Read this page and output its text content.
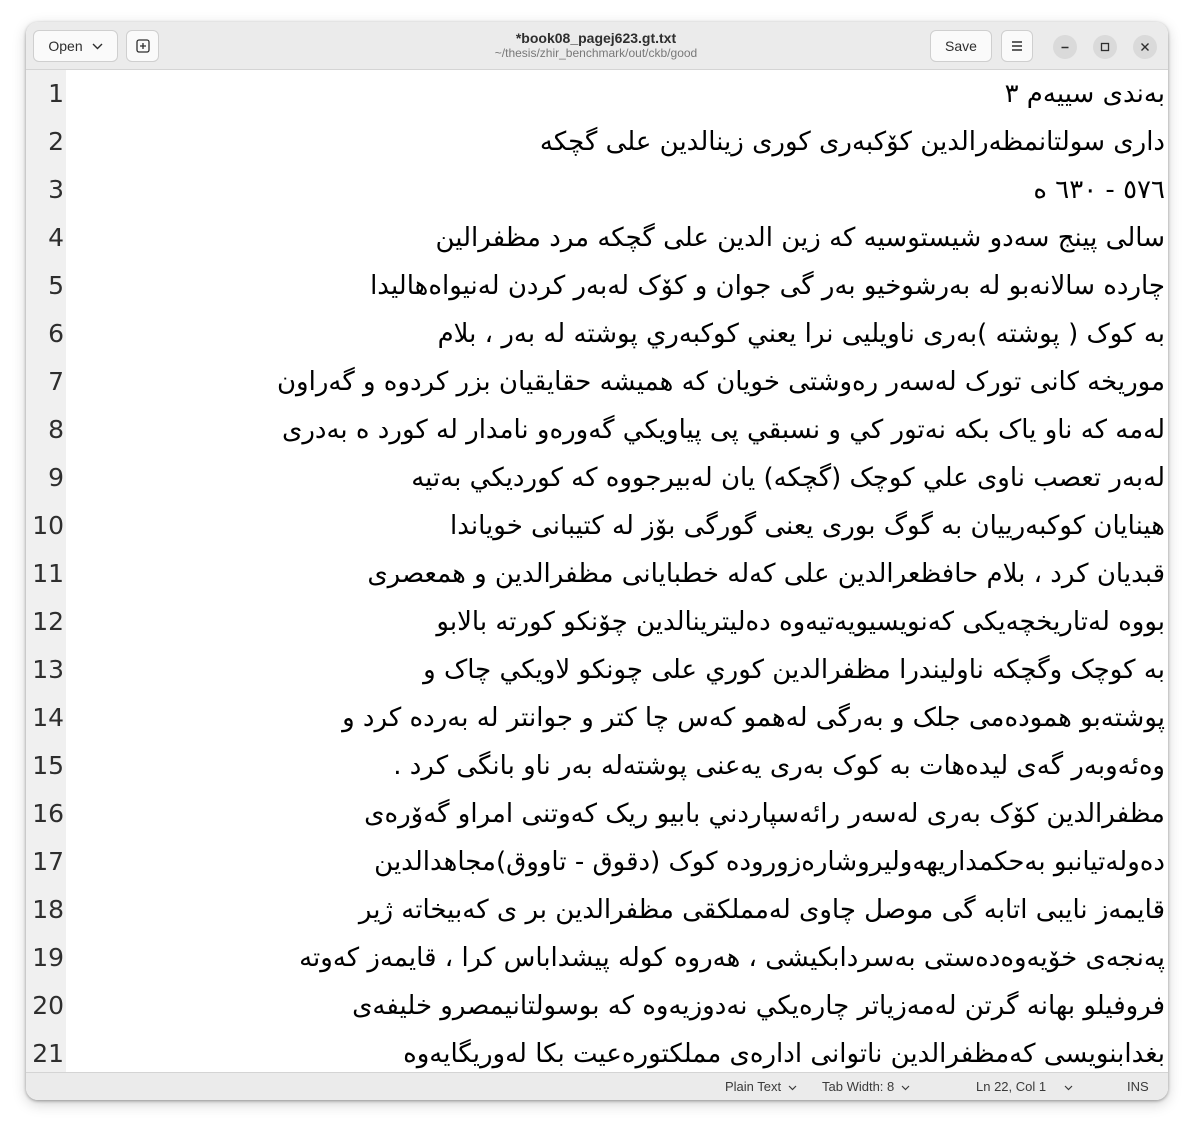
Open	*book08_pagej623.gt.txt
~/thesis/zhir_benchmark/out/ckb/good	Save
1	بەندی سییەم ٣
2	داری سولتانمظەرالدین کۆکبەری کوری زینالدین علی گچکە
3	٥٧٦ - ٦٣٠ ه
4	سالی پینج سەدو شیستوسیە کە زین الدین علی گچکە مرد مظفرالین
5	چاردە سالانەبو لە بەرشوخیو بەر گی جوان و کۆک لەبەر کردن لەنیواەهالیدا
6	بە کوک ( پوشتە )بەری ناویلیی نرا یعني کوکبەري پوشتە لە بەر ، بلام
7	موریخە کانی تورک لەسەر رەوشتی خویان کە همیشە حقایقیان بزر کردوە و گەراون
8	لەمە کە ناو یاک بکە نەتور کي و نسبقي پی پیاویکي گەورەو نامدار لە کورد ه بەدری
9	لەبەر تعصب ناوی علي کوچک (گچکە) یان لەبیرجووە کە کوردیکي بەتیە
10	هینایان کوکبەرییان بە گوگ بوری یعنی گورگی بۆز لە کتیبانی خویاندا
11	قبدیان کرد ، بلام حافظعرالدین علی کەلە خطبایانی مظفرالدین و همعصری
12	بووە لەتاریخچەیکی کەنویسیویەتیەوە دەلیترینالدین چۆنکو کورتە بالابو
13	بە کوچک وگچکە ناولیندرا مظفرالدین کوري علی چونکو لاویکي چاک و
14	پوشتەبو همودەمی جلک و بەرگی لەهمو کەس چا کتر و جوانتر لە بەردە کرد و
15	وەئەوبەر گەی لیدەهات بە کوک بەری یەعنی پوشتەلە بەر ناو بانگی کرد .
16	مظفرالدین کۆک بەری لەسەر رائەسپاردني بابیو ریک کەوتنی امراو گەۆرەی
17	دەولەتیانبو بەحکمداریهەولیروشارەزورودە کوک (دقوق - تاووق)مجاهدالدین
18	قایمەز نایبی اتابە گی موصل چاوی لەمملکقی مظفرالدین بر ی کەبیخاتە ژیر
19	پەنجەی خۆیەوەدەستی بەسردابکیشی ، هەروە کولە پیشداباس کرا ، قایمەز کەوتە
20	فروفیلو بهانە گرتن لەمەزیاتر چارەیکي نەدوزیەوە کە بوسولتانیمصرو خلیفەی
21	بغدابنویسی کەمظفرالدین ناتوانی ادارەی مملکتورەعیت بکا لەوریگایەوە
Plain Text	Tab Width: 8	Ln 22, Col 1	INS
